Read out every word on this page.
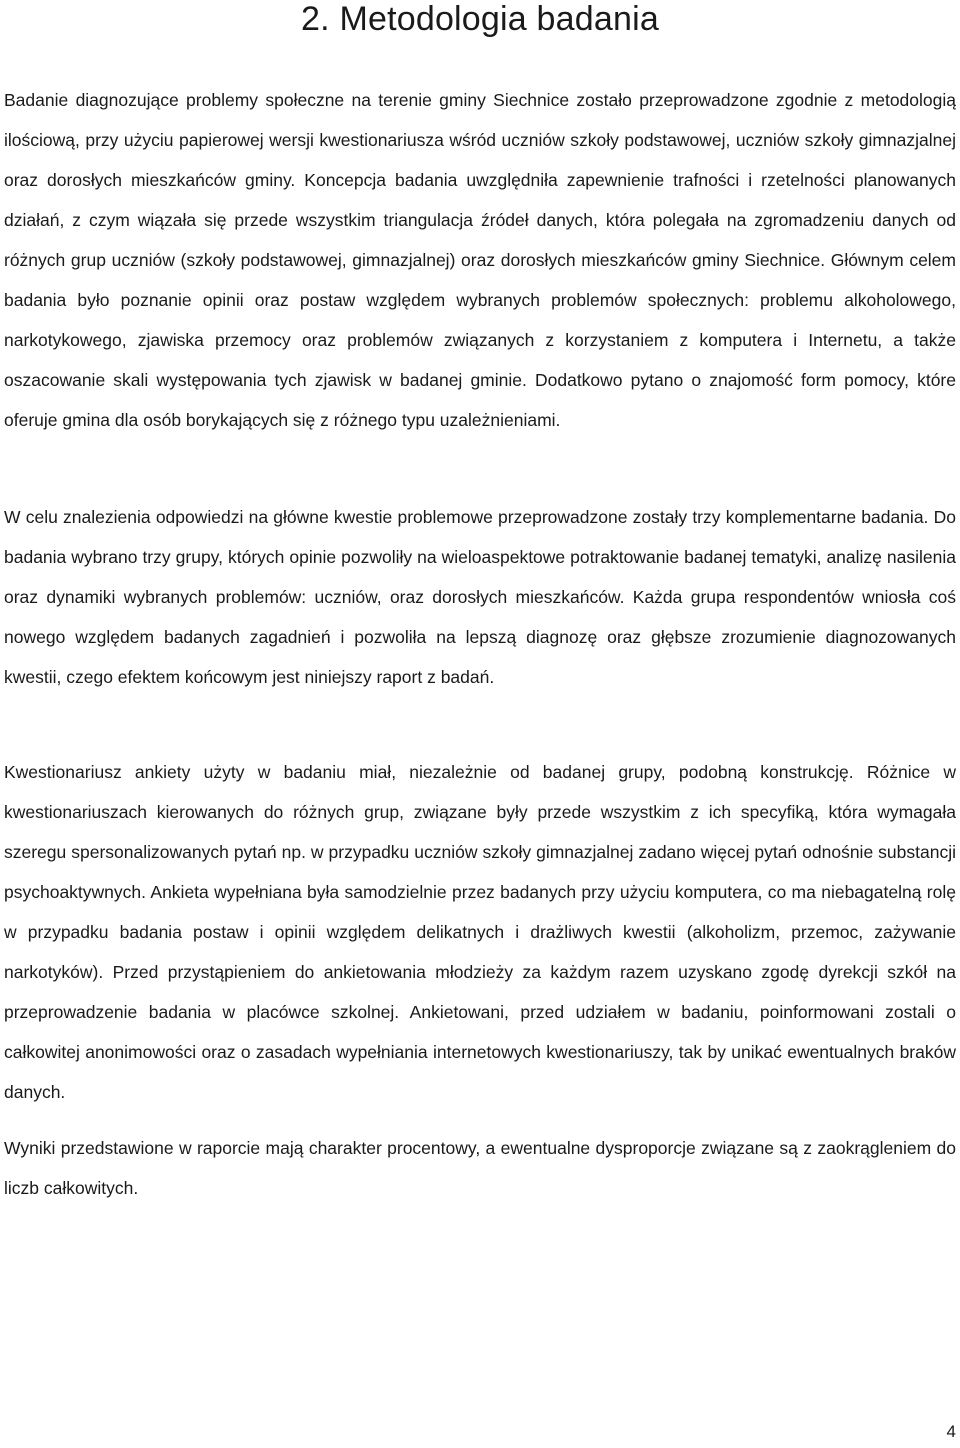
2. Metodologia badania

Badanie diagnozujące problemy społeczne na terenie gminy Siechnice zostało przeprowadzone zgodnie z metodologią ilościową, przy użyciu papierowej wersji kwestionariusza wśród uczniów szkoły podstawowej, uczniów szkoły gimnazjalnej oraz dorosłych mieszkańców gminy. Koncepcja badania uwzględniła zapewnienie trafności i rzetelności planowanych działań, z czym wiązała się przede wszystkim triangulacja źródeł danych, która polegała na zgromadzeniu danych od różnych grup uczniów (szkoły podstawowej, gimnazjalnej) oraz dorosłych mieszkańców gminy Siechnice. Głównym celem badania było poznanie opinii oraz postaw względem wybranych problemów społecznych: problemu alkoholowego, narkotykowego, zjawiska przemocy oraz problemów związanych z korzystaniem z komputera i Internetu, a także oszacowanie skali występowania tych zjawisk w badanej gminie. Dodatkowo pytano o znajomość form pomocy, które oferuje gmina dla osób borykających się z różnego typu uzależnieniami.

W celu znalezienia odpowiedzi na główne kwestie problemowe przeprowadzone zostały trzy komplementarne badania. Do badania wybrano trzy grupy, których opinie pozwoliły na wieloaspektowe potraktowanie badanej tematyki, analizę nasilenia oraz dynamiki wybranych problemów: uczniów, oraz dorosłych mieszkańców. Każda grupa respondentów wniosła coś nowego względem badanych zagadnień i pozwoliła na lepszą diagnozę oraz głębsze zrozumienie diagnozowanych kwestii, czego efektem końcowym jest niniejszy raport z badań.

Kwestionariusz ankiety użyty w badaniu miał, niezależnie od badanej grupy, podobną konstrukcję. Różnice w kwestionariuszach kierowanych do różnych grup, związane były przede wszystkim z ich specyfiką, która wymagała szeregu spersonalizowanych pytań np. w przypadku uczniów szkoły gimnazjalnej zadano więcej pytań odnośnie substancji psychoaktywnych. Ankieta wypełniana była samodzielnie przez badanych przy użyciu komputera, co ma niebagatelną rolę w przypadku badania postaw i opinii względem delikatnych i drażliwych kwestii (alkoholizm, przemoc, zażywanie narkotyków). Przed przystąpieniem do ankietowania młodzieży za każdym razem uzyskano zgodę dyrekcji szkół na przeprowadzenie badania w placówce szkolnej. Ankietowani, przed udziałem w badaniu, poinformowani zostali o całkowitej anonimowości oraz o zasadach wypełniania internetowych kwestionariuszy, tak by unikać ewentualnych braków danych.

Wyniki przedstawione w raporcie mają charakter procentowy, a ewentualne dysproporcje związane są z zaokrągleniem do liczb całkowitych.

4
